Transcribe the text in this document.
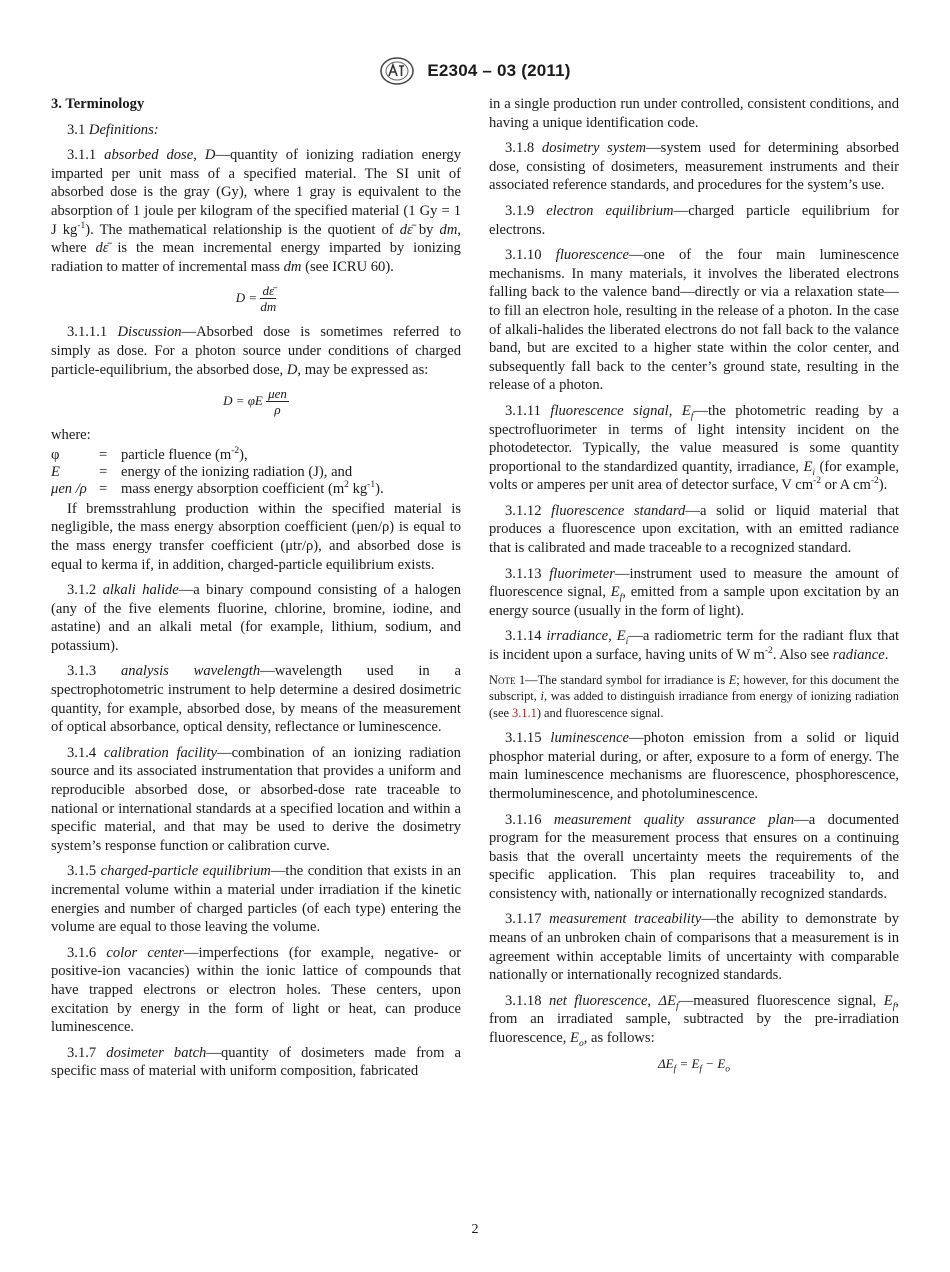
E2304 – 03 (2011)

3. Terminology

3.1 Definitions:

3.1.1 absorbed dose, D—quantity of ionizing radiation energy imparted per unit mass of a specified material. The SI unit of absorbed dose is the gray (Gy), where 1 gray is equivalent to the absorption of 1 joule per kilogram of the specified material (1 Gy = 1 J $kg^{-1}$). The mathematical relationship is the quotient of dε̄ by dm, where dε̄ is the mean incremental energy imparted by ionizing radiation to matter of incremental mass dm (see ICRU 60).

$D = \frac{d\varepsilon̄}{dm}$

3.1.1.1 Discussion—Absorbed dose is sometimes referred to simply as dose. For a photon source under conditions of charged particle-equilibrium, the absorbed dose, D, may be expressed as:

D = φE $\frac{\text{μen}}{\rho}$

where:

φ	=	particle fluence $(m^{-2})$,
E	=	energy of the ionizing radiation (J), and
μen /ρ	=	mass energy absorption coefficient ($m^2$ $kg^{-1}$).

If bremsstrahlung production within the specified material is negligible, the mass energy absorption coefficient (μen/ρ) is equal to the mass energy transfer coefficient (μtr/ρ), and absorbed dose is equal to kerma if, in addition, charged-particle equilibrium exists.

3.1.2 alkali halide—a binary compound consisting of a halogen (any of the five elements fluorine, chlorine, bromine, iodine, and astatine) and an alkali metal (for example, lithium, sodium, and potassium).

3.1.3 analysis wavelength—wavelength used in a spectrophotometric instrument to help determine a desired dosimetric quantity, for example, absorbed dose, by means of the measurement of optical absorbance, optical density, reflectance or luminescence.

3.1.4 calibration facility—combination of an ionizing radiation source and its associated instrumentation that provides a uniform and reproducible absorbed dose, or absorbed-dose rate traceable to national or international standards at a specified location and within a specific material, and that may be used to derive the dosimetry system’s response function or calibration curve.

3.1.5 charged-particle equilibrium—the condition that exists in an incremental volume within a material under irradiation if the kinetic energies and number of charged particles (of each type) entering the volume are equal to those leaving the volume.

3.1.6 color center—imperfections (for example, negative- or positive-ion vacancies) within the ionic lattice of compounds that have trapped electrons or electron holes. These centers, upon excitation by energy in the form of light or heat, can produce luminescence.

3.1.7 dosimeter batch—quantity of dosimeters made from a specific mass of material with uniform composition, fabricated

in a single production run under controlled, consistent conditions, and having a unique identification code.

3.1.8 dosimetry system—system used for determining absorbed dose, consisting of dosimeters, measurement instruments and their associated reference standards, and procedures for the system’s use.

3.1.9 electron equilibrium—charged particle equilibrium for electrons.

3.1.10 fluorescence—one of the four main luminescence mechanisms. In many materials, it involves the liberated electrons falling back to the valence band—directly or via a relaxation state—to fill an electron hole, resulting in the release of a photon. In the case of alkali-halides the liberated electrons do not fall back to the valance band, but are excited to a higher state within the color center, and subsequently fall back to the center’s ground state, resulting in the release of a photon.

3.1.11 fluorescence signal, $E_f—the$ photometric reading by a spectrofluorimeter in terms of light intensity incident on the photodetector. Typically, the value measured is some quantity proportional to the standardized quantity, irradiance, $E_i$ (for example, volts or amperes per unit area of detector surface, V $cm^{-2}$ or A $cm^{-2}$).

3.1.12 fluorescence standard—a solid or liquid material that produces a fluorescence upon excitation, with an emitted radiance that is calibrated and made traceable to a recognized standard.

3.1.13 fluorimeter—instrument used to measure the amount of fluorescence signal, $E_f$, emitted from a sample upon excitation by an energy source (usually in the form of light).

3.1.14 irradiance, $E_i—a$ radiometric term for the radiant flux that is incident upon a surface, having units of W $m^{-2}$. Also see radiance.

Note 1—The standard symbol for irradiance is E; however, for this document the subscript, i, was added to distinguish irradiance from energy of ionizing radiation (see 3.1.1) and fluorescence signal.

3.1.15 luminescence—photon emission from a solid or liquid phosphor material during, or after, exposure to a form of energy. The main luminescence mechanisms are fluorescence, phosphorescence, thermoluminescence, and photoluminescence.

3.1.16 measurement quality assurance plan—a documented program for the measurement process that ensures on a continuing basis that the overall uncertainty meets the requirements of the specific application. This plan requires traceability to, and consistency with, nationally or internationally recognized standards.

3.1.17 measurement traceability—the ability to demonstrate by means of an unbroken chain of comparisons that a measurement is in agreement within acceptable limits of uncertainty with comparable nationally or internationally recognized standards.

3.1.18 net fluorescence, $\Delta E_f—measured$ fluorescence signal, $E_f$, from an irradiated sample, subtracted by the pre-irradiation fluorescence, $E_o$, as follows:

$\Delta E_f = E_f - E_o$
2
